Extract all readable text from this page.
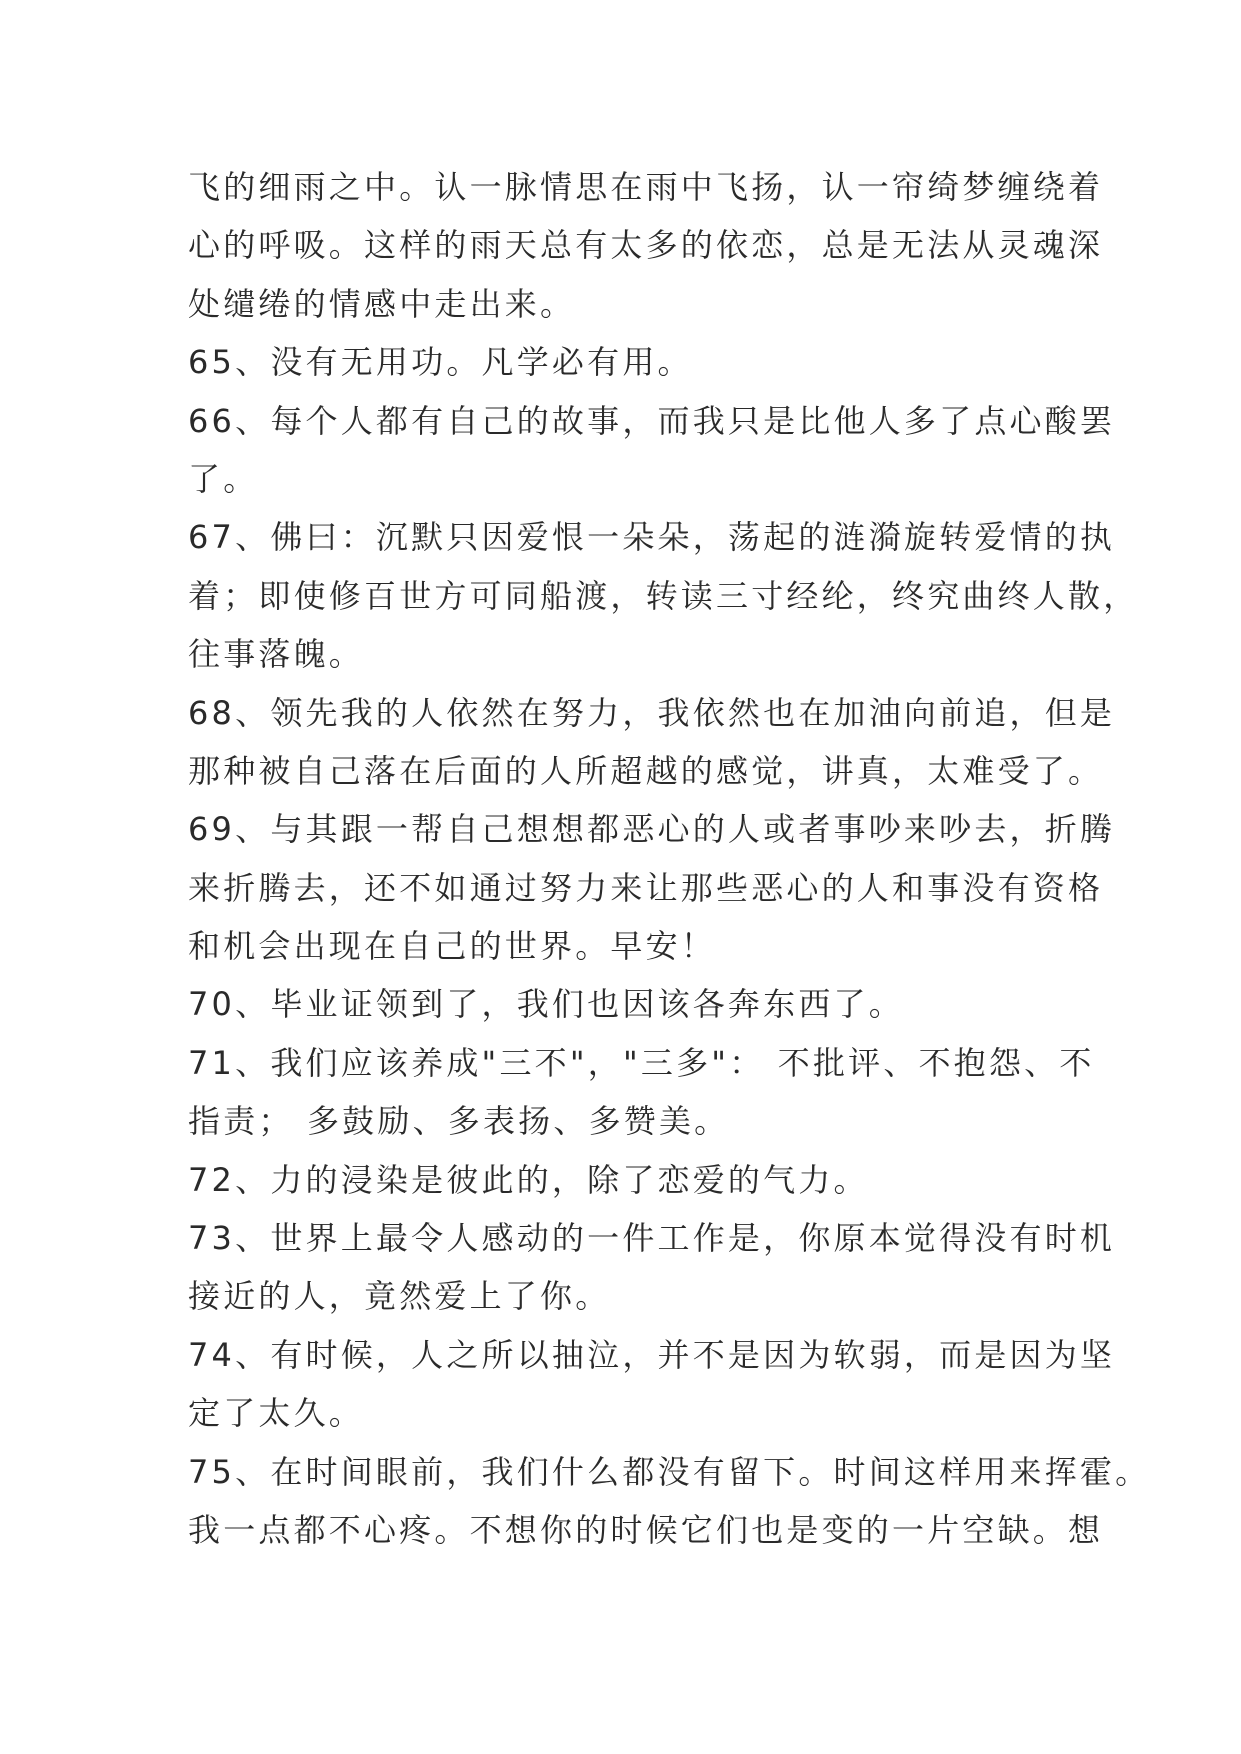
飞的细雨之中。认一脉情思在雨中飞扬，认一帘绮梦缠绕着
心的呼吸。这样的雨天总有太多的依恋，总是无法从灵魂深
处缱绻的情感中走出来。
65、没有无用功。凡学必有用。
66、每个人都有自己的故事，而我只是比他人多了点心酸罢
了。
67、佛曰：沉默只因爱恨一朵朵，荡起的涟漪旋转爱情的执
着；即使修百世方可同船渡，转读三寸经纶，终究曲终人散，
往事落魄。
68、领先我的人依然在努力，我依然也在加油向前追，但是
那种被自己落在后面的人所超越的感觉，讲真，太难受了。
69、与其跟一帮自己想想都恶心的人或者事吵来吵去，折腾
来折腾去，还不如通过努力来让那些恶心的人和事没有资格
和机会出现在自己的世界。早安！
70、毕业证领到了，我们也因该各奔东西了。
71、我们应该养成"三不"，"三多"： 不批评、不抱怨、不
指责； 多鼓励、多表扬、多赞美。
72、力的浸染是彼此的，除了恋爱的气力。
73、世界上最令人感动的一件工作是，你原本觉得没有时机
接近的人，竟然爱上了你。
74、有时候，人之所以抽泣，并不是因为软弱，而是因为坚
定了太久。
75、在时间眼前，我们什么都没有留下。时间这样用来挥霍。
我一点都不心疼。不想你的时候它们也是变的一片空缺。想
